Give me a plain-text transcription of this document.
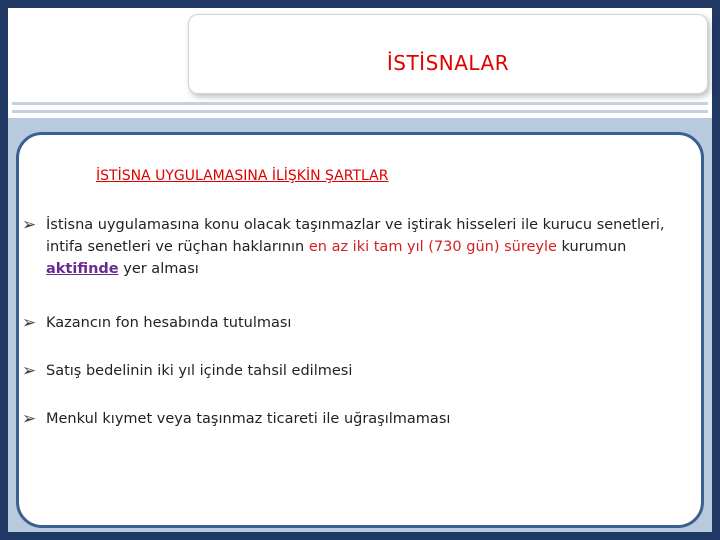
İSTİSNALAR
İSTİSNA UYGULAMASINA İLİŞKİN ŞARTLAR
➢ İstisna uygulamasına konu olacak taşınmazlar ve iştirak hisseleri ile kurucu senetleri, intifa senetleri ve rüçhan haklarının en az iki tam yıl (730 gün) süreyle kurumun aktifinde yer alması
➢ Kazancın fon hesabında tutulması
➢ Satış bedelinin iki yıl içinde tahsil edilmesi
➢ Menkul kıymet veya taşınmaz ticareti ile uğraşılmaması
